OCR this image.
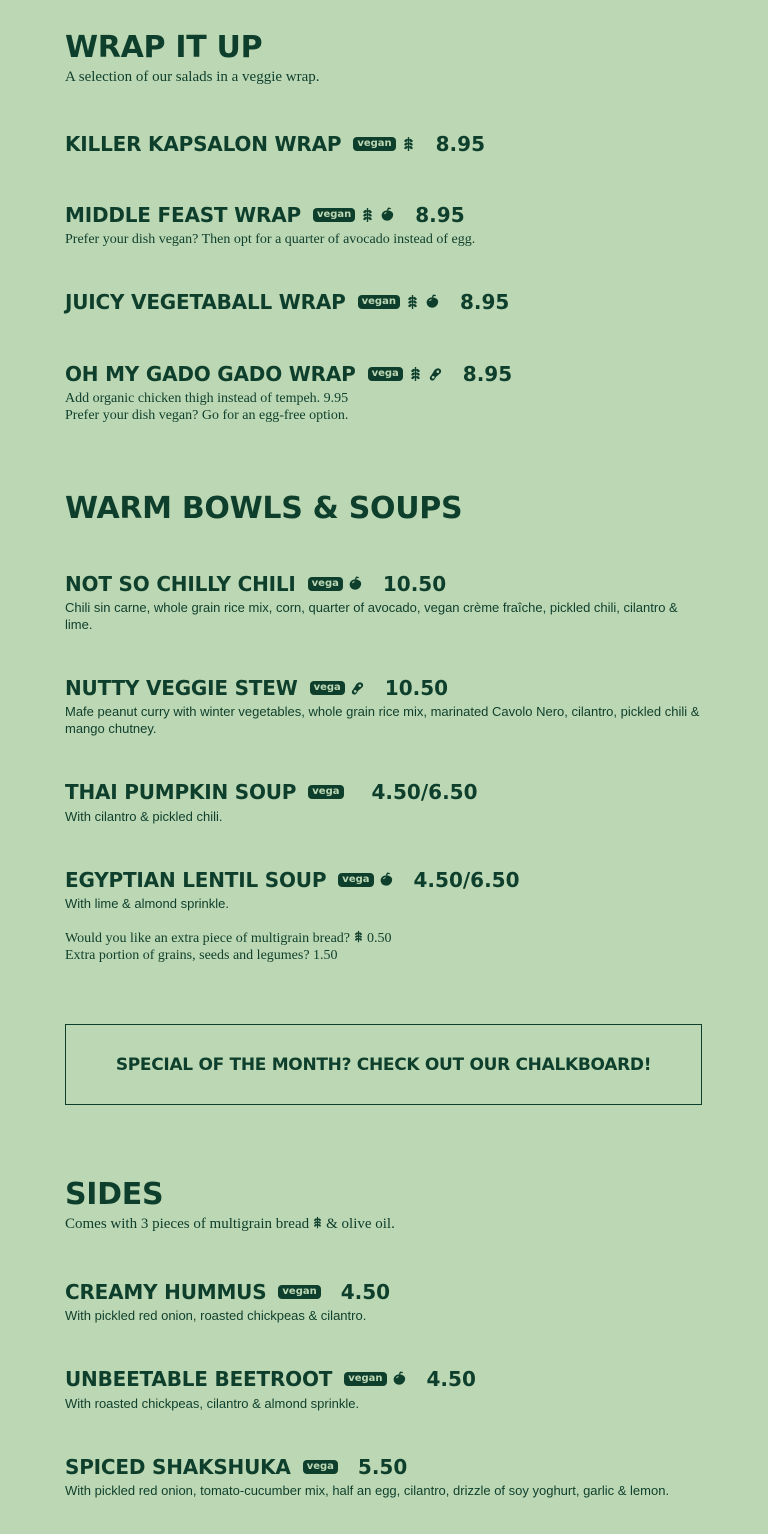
WRAP IT UP

A selection of our salads in a veggie wrap.

KILLER KAPSALON WRAP	vegan 8.95
MIDDLE FEAST WRAP	vegan	8.95

Prefer your dish vegan? Then opt for a quarter of avocado instead of egg.

JUICY VEGETABALL WRAP	vegan	8.95
OH MY GADO GADO WRAP	vega	8.95

Add organic chicken thigh instead of tempeh. 9.95

Prefer your dish vegan? Go for an egg-free option.

WARM BOWLS & SOUPS
NOT SO CHILLY CHILI	vega 10.50

Chili sin carne, whole grain rice mix, corn, quarter of avocado, vegan crème fraîche, pickled chili, cilantro & lime.

NUTTY VEGGIE STEW	vega 10.50

Mafe peanut curry with winter vegetables, whole grain rice mix, marinated Cavolo Nero, cilantro, pickled chili & mango chutney.

THAI PUMPKIN SOUP	vega 4.50/6.50

With cilantro & pickled chili.

EGYPTIAN LENTIL SOUP	vega 4.50/6.50

With lime & almond sprinkle.

Would you like an extra piece of multigrain bread? 0.50

Extra portion of grains, seeds and legumes? 1.50

SPECIAL OF THE MONTH? CHECK OUT OUR CHALKBOARD!
SIDES

Comes with 3 pieces of multigrain bread & olive oil.

CREAMY HUMMUS	vegan 4.50

With pickled red onion, roasted chickpeas & cilantro.

UNBEETABLE BEETROOT	vegan 4.50

With roasted chickpeas, cilantro & almond sprinkle.

SPICED SHAKSHUKA	vega 5.50

With pickled red onion, tomato-cucumber mix, half an egg, cilantro, drizzle of soy yoghurt, garlic & lemon.
